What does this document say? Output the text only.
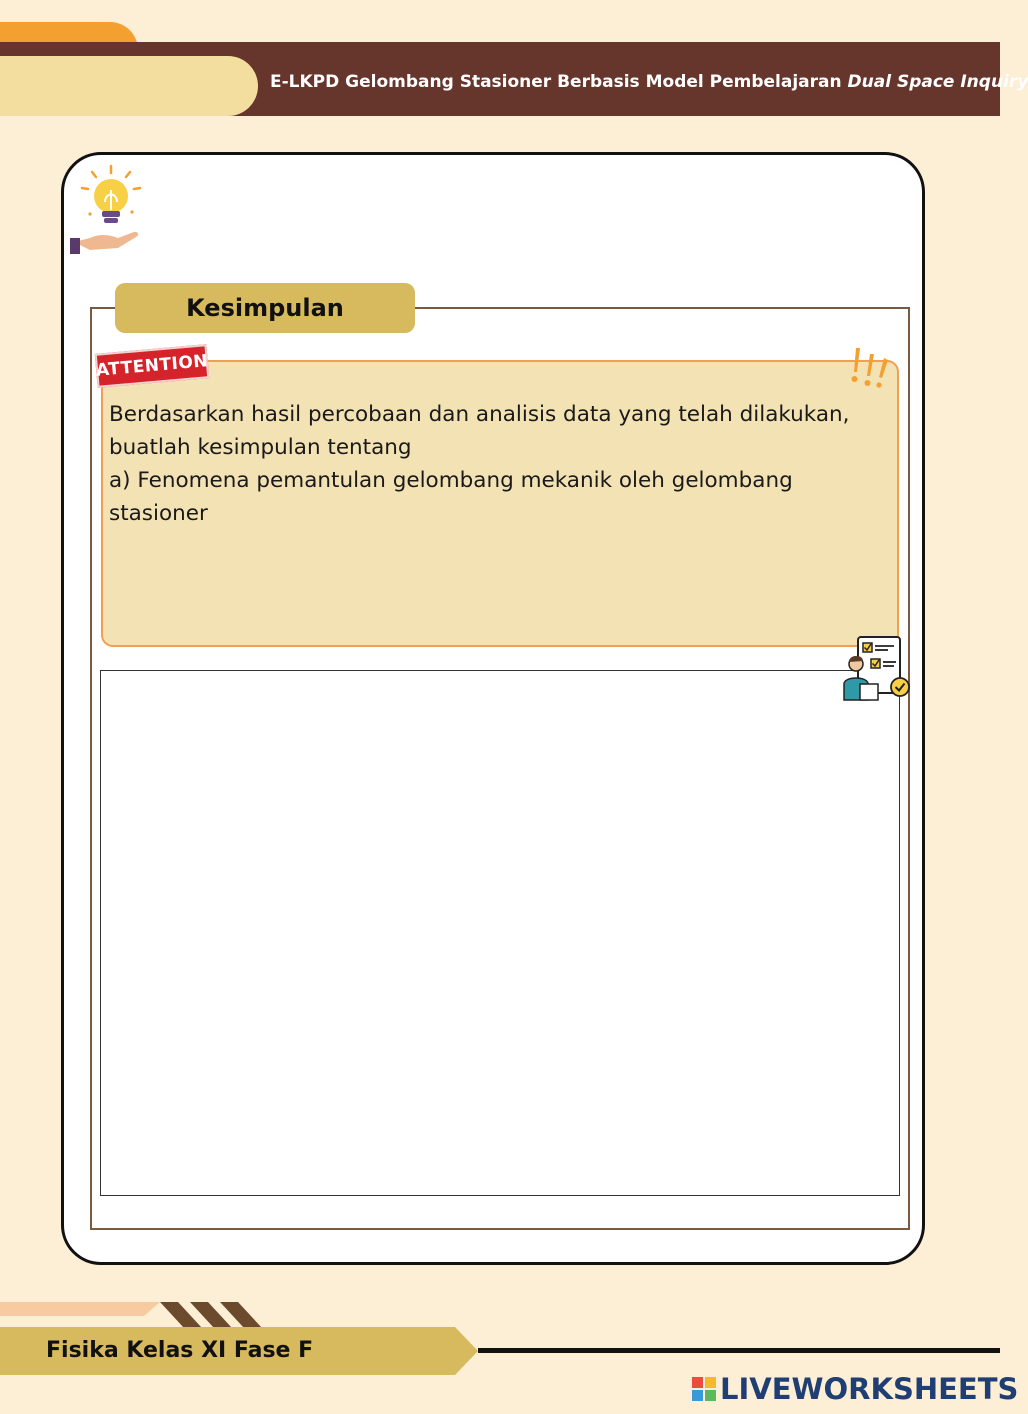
E-LKPD Gelombang Stasioner Berbasis Model Pembelajaran Dual Space Inquiry
Kesimpulan
ATTENTION
Berdasarkan hasil percobaan dan analisis data yang telah dilakukan,
buatlah kesimpulan tentang
a) Fenomena pemantulan gelombang mekanik oleh gelombang
stasioner
Fisika Kelas XI Fase F
LIVEWORKSHEETS
